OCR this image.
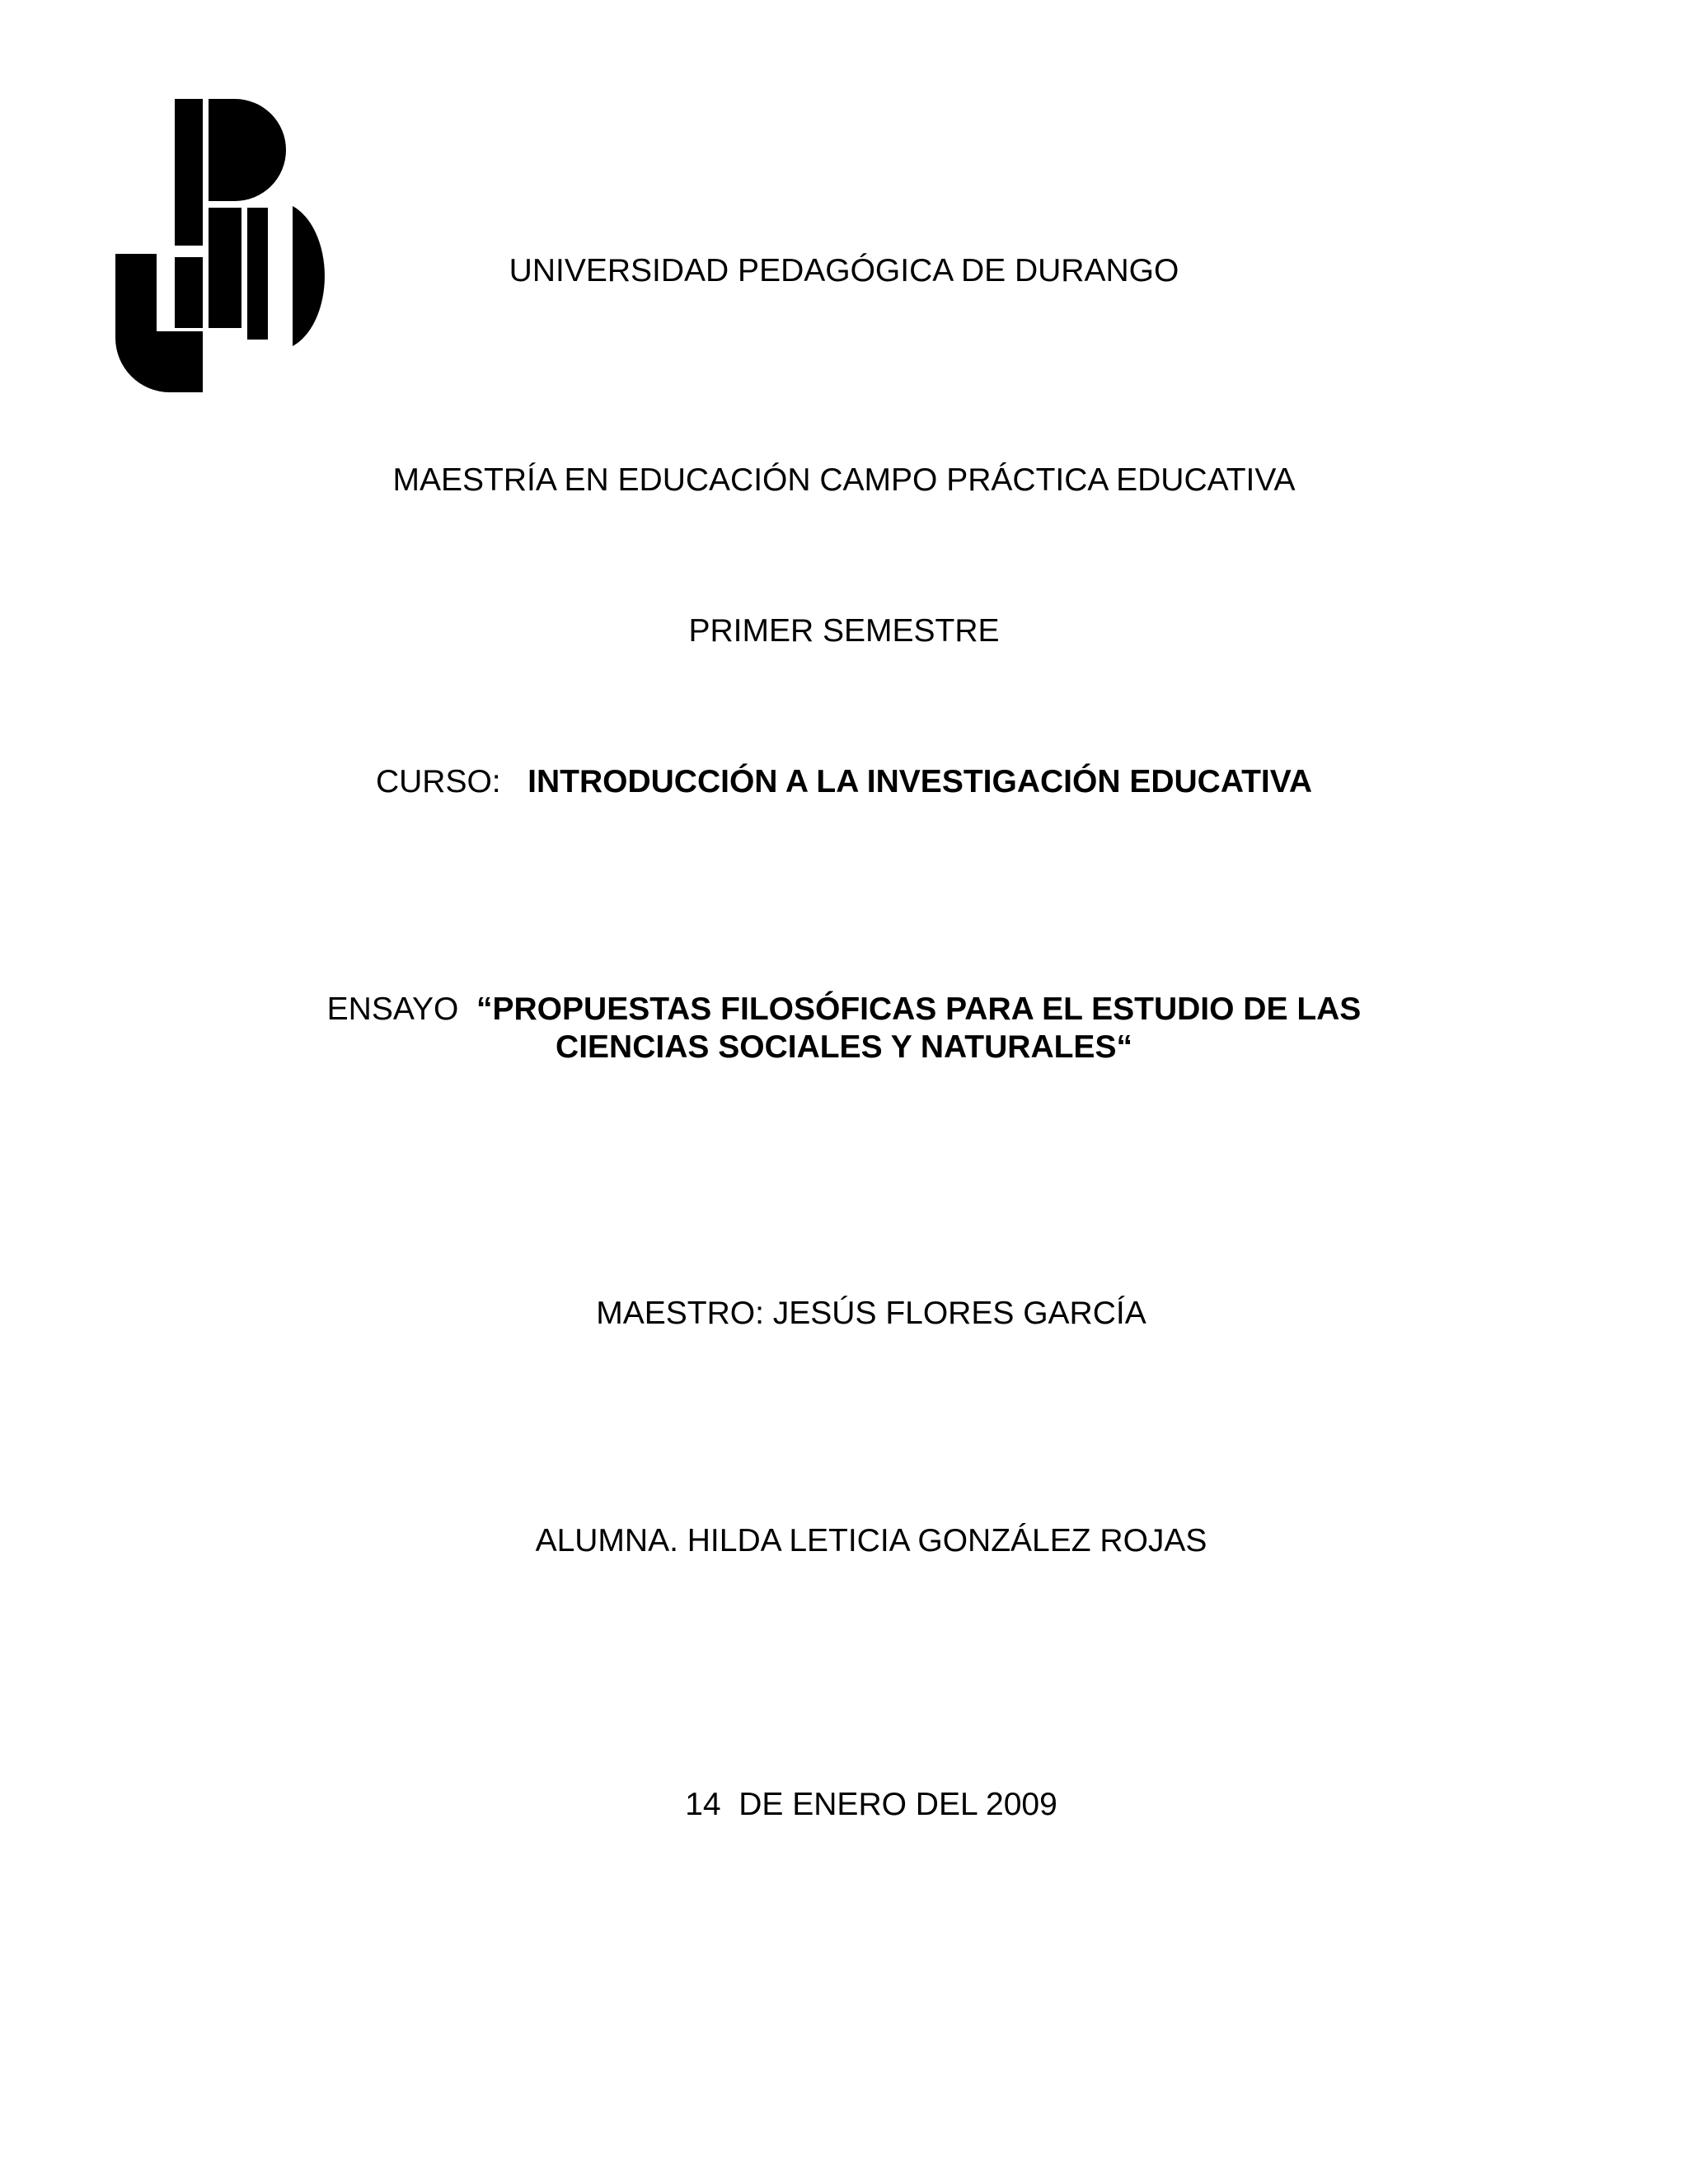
UNIVERSIDAD PEDAGÓGICA DE DURANGO
MAESTRÍA EN EDUCACIÓN CAMPO PRÁCTICA EDUCATIVA
PRIMER SEMESTRE
CURSO: INTRODUCCIÓN A LA INVESTIGACIÓN EDUCATIVA
ENSAYO “PROPUESTAS FILOSÓFICAS PARA EL ESTUDIO DE LAS
CIENCIAS SOCIALES Y NATURALES“
MAESTRO: JESÚS FLORES GARCÍA
ALUMNA. HILDA LETICIA GONZÁLEZ ROJAS
14  DE ENERO DEL 2009
